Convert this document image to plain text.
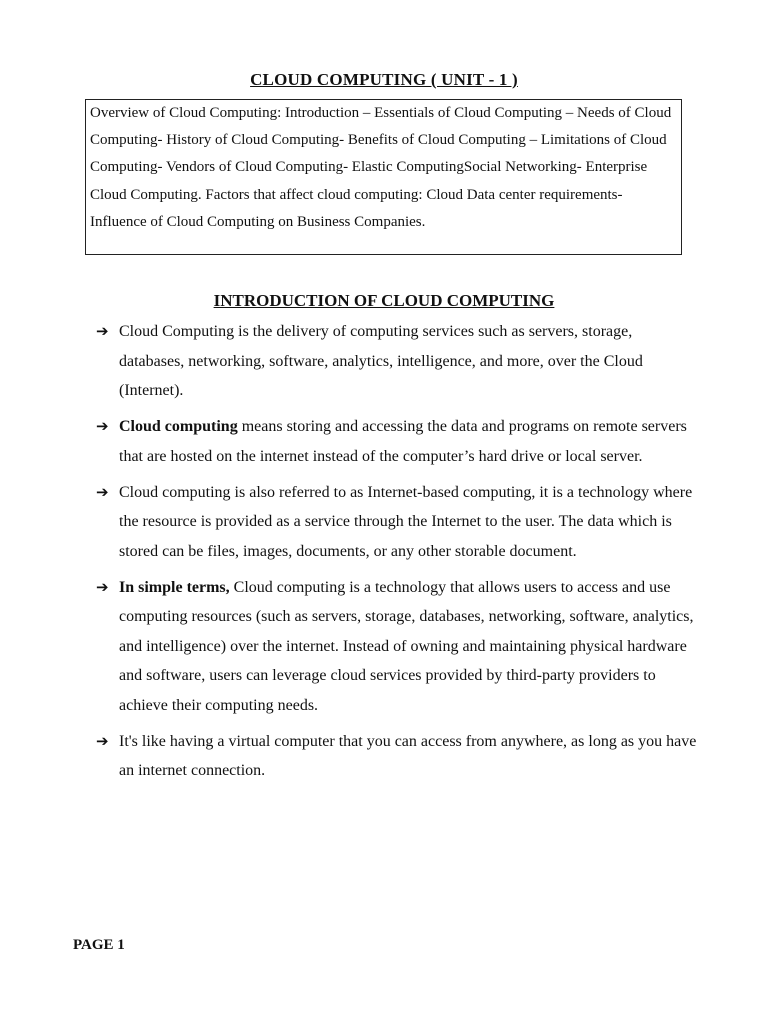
CLOUD COMPUTING ( UNIT - 1 )
Overview of Cloud Computing: Introduction – Essentials of Cloud Computing – Needs of Cloud Computing- History of Cloud Computing- Benefits of Cloud Computing – Limitations of Cloud Computing- Vendors of Cloud Computing- Elastic ComputingSocial Networking- Enterprise Cloud Computing. Factors that affect cloud computing: Cloud Data center requirements- Influence of Cloud Computing on Business Companies.
INTRODUCTION OF CLOUD COMPUTING
➔ Cloud Computing is the delivery of computing services such as servers, storage, databases, networking, software, analytics, intelligence, and more, over the Cloud (Internet).
➔ Cloud computing means storing and accessing the data and programs on remote servers that are hosted on the internet instead of the computer’s hard drive or local server.
➔ Cloud computing is also referred to as Internet-based computing, it is a technology where the resource is provided as a service through the Internet to the user. The data which is stored can be files, images, documents, or any other storable document.
➔ In simple terms, Cloud computing is a technology that allows users to access and use computing resources (such as servers, storage, databases, networking, software, analytics, and intelligence) over the internet. Instead of owning and maintaining physical hardware and software, users can leverage cloud services provided by third-party providers to achieve their computing needs.
➔ It's like having a virtual computer that you can access from anywhere, as long as you have an internet connection.
PAGE 1
